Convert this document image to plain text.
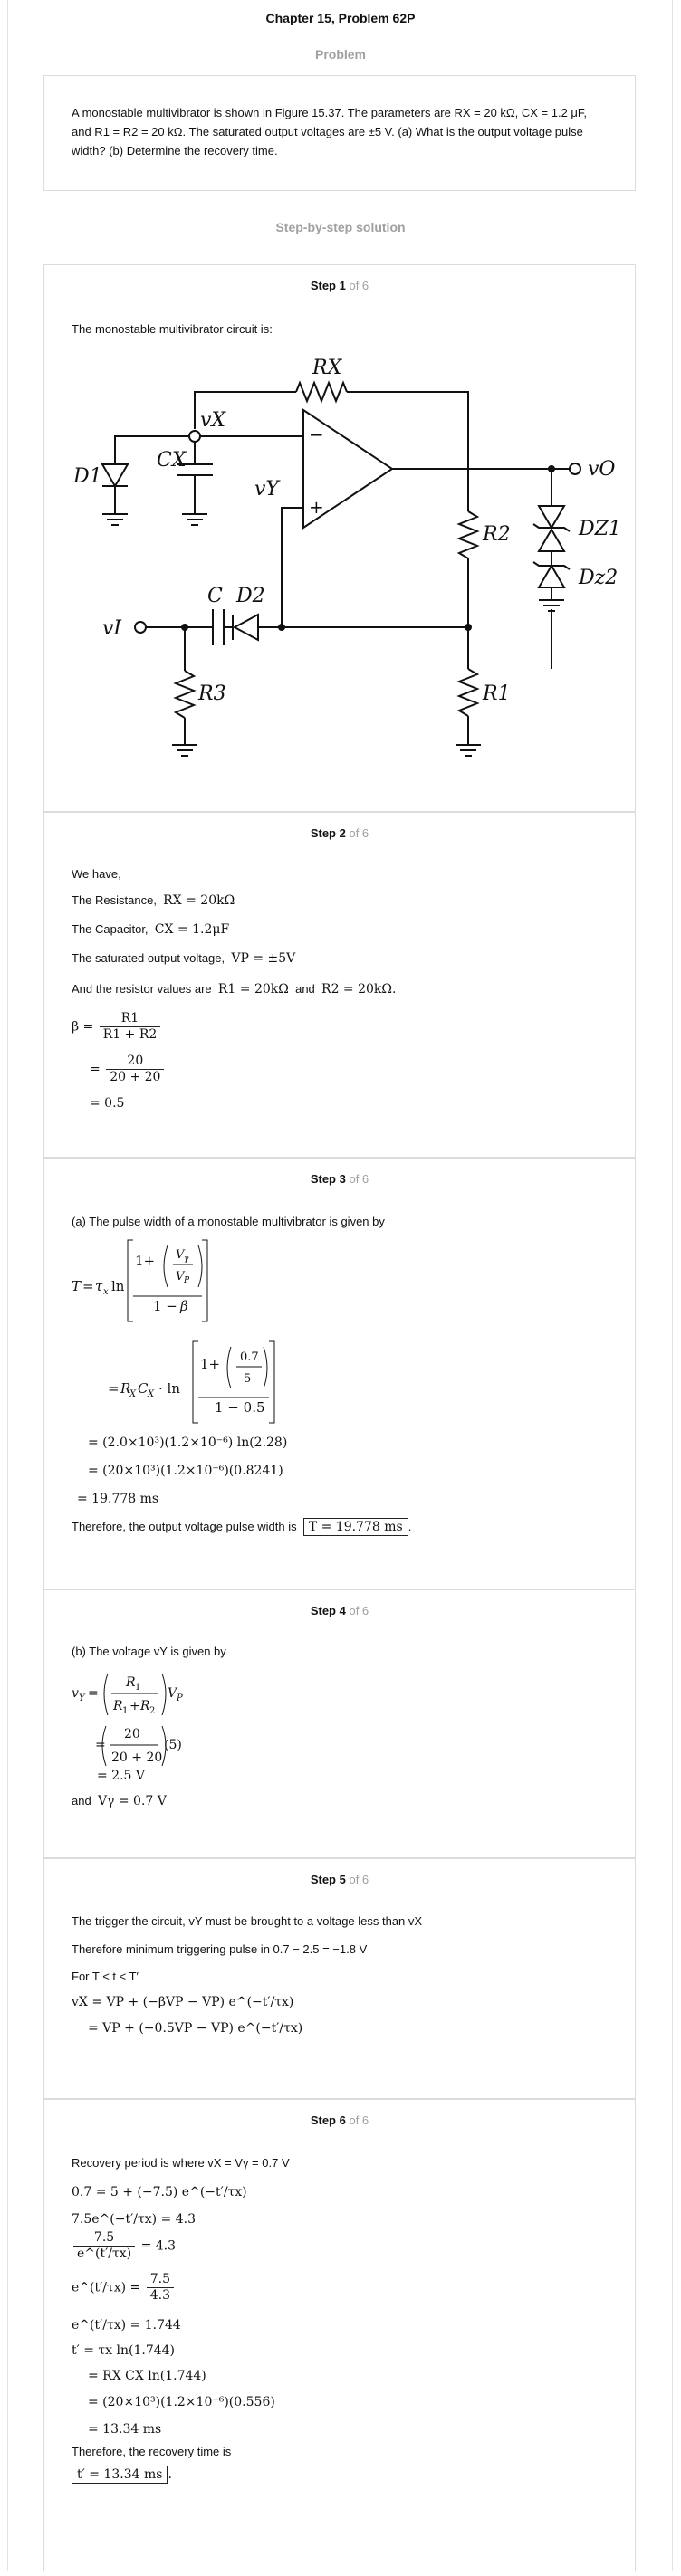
Chapter 15, Problem 62P
Problem
A monostable multivibrator is shown in Figure 15.37. The parameters are RX = 20 kΩ, CX = 1.2 μF, and R1 = R2 = 20 kΩ. The saturated output voltages are ±5 V. (a) What is the output voltage pulse width? (b) Determine the recovery time.
Step-by-step solution
Step 1 of 6
The monostable multivibrator circuit is:
RX
vX
CX
D1
vY
vO
R2	DZ1
Dz2
R1
C D2
vI
R3
−
+
Step 2 of 6
We have,
The Resistance, RX = 20kΩ
The Capacitor, CX = 1.2μF
The saturated output voltage, VP = ±5V
And the resistor values are R1 = 20kΩ and R2 = 20kΩ.
$\beta = \frac{R1}{R1 + R2}$
= $\frac{20}{20 + 20}$
= 0.5
Step 3 of 6
(a) The pulse width of a monostable multivibrator is given by
T = τ x ln
1+ V γ
V P
1 − β
= R
X C X · ln
1+ 0.7
5
1 − 0.5
= (2.0×10³)(1.2×10⁻⁶) ln(2.28)
= (20×10³)(1.2×10⁻⁶)(0.8241)
= 19.778 ms
Therefore, the output voltage pulse width is T = 19.778 ms .
Step 4 of 6
(b) The voltage vY is given by
v Y =
R 1
R 1 + R 2
V P
=
20
20 + 20
(5)
= 2.5 V
and Vγ = 0.7 V
Step 5 of 6
The trigger the circuit, vY must be brought to a voltage less than vX
Therefore minimum triggering pulse in 0.7 − 2.5 = −1.8 V
For T < t < T′
vX = VP + (−βVP − VP) e^(−t′/τx)
= VP + (−0.5VP − VP) e^(−t′/τx)
Step 6 of 6
Recovery period is where vX = Vγ = 0.7 V
0.7 = 5 + (−7.5) e^(−t′/τx)
7.5e^(−t′/τx) = 4.3
$\frac{7.5}{e\^{}(t'/\tau x)} = 4.3$
e^(t′/τx) = $\frac{7.5}{4.3}$
e^(t′/τx) = 1.744
t′ = τx ln(1.744)
= RX CX ln(1.744)
= (20×10³)(1.2×10⁻⁶)(0.556)
= 13.34 ms
Therefore, the recovery time is
t′ = 13.34 ms .
